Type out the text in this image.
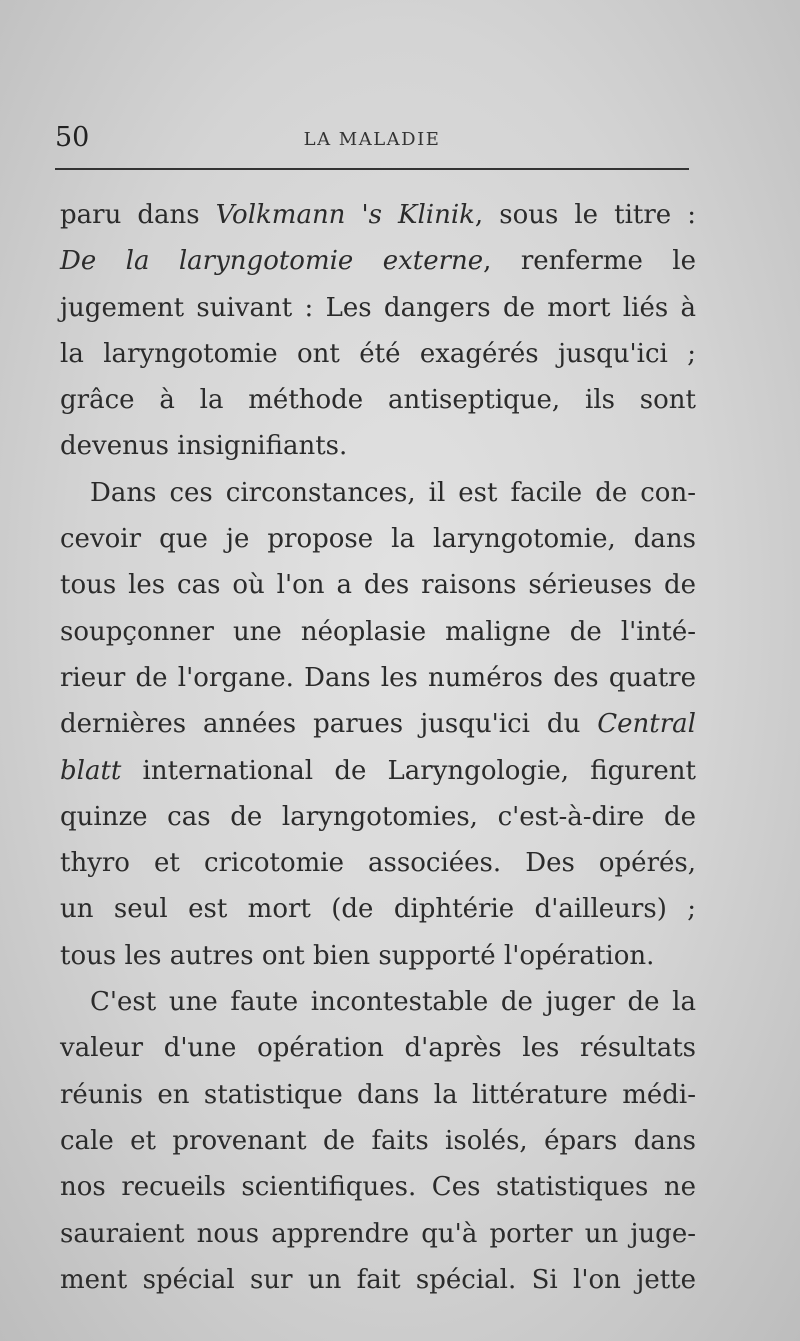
50	LA MALADIE
paru dans Volkmann 's Klinik, sous le titre :
De la laryngotomie externe, renferme le
jugement suivant : Les dangers de mort liés à
la laryngotomie ont été exagérés jusqu'ici ;
grâce à la méthode antiseptique, ils sont
devenus insignifiants.
Dans ces circonstances, il est facile de con-
cevoir que je propose la laryngotomie, dans
tous les cas où l'on a des raisons sérieuses de
soupçonner une néoplasie maligne de l'inté-
rieur de l'organe. Dans les numéros des quatre
dernières années parues jusqu'ici du Central
blatt international de Laryngologie, figurent
quinze cas de laryngotomies, c'est-à-dire de
thyro et cricotomie associées. Des opérés,
un seul est mort (de diphtérie d'ailleurs) ;
tous les autres ont bien supporté l'opération.
C'est une faute incontestable de juger de la
valeur d'une opération d'après les résultats
réunis en statistique dans la littérature médi-
cale et provenant de faits isolés, épars dans
nos recueils scientifiques. Ces statistiques ne
sauraient nous apprendre qu'à porter un juge-
ment spécial sur un fait spécial. Si l'on jette
